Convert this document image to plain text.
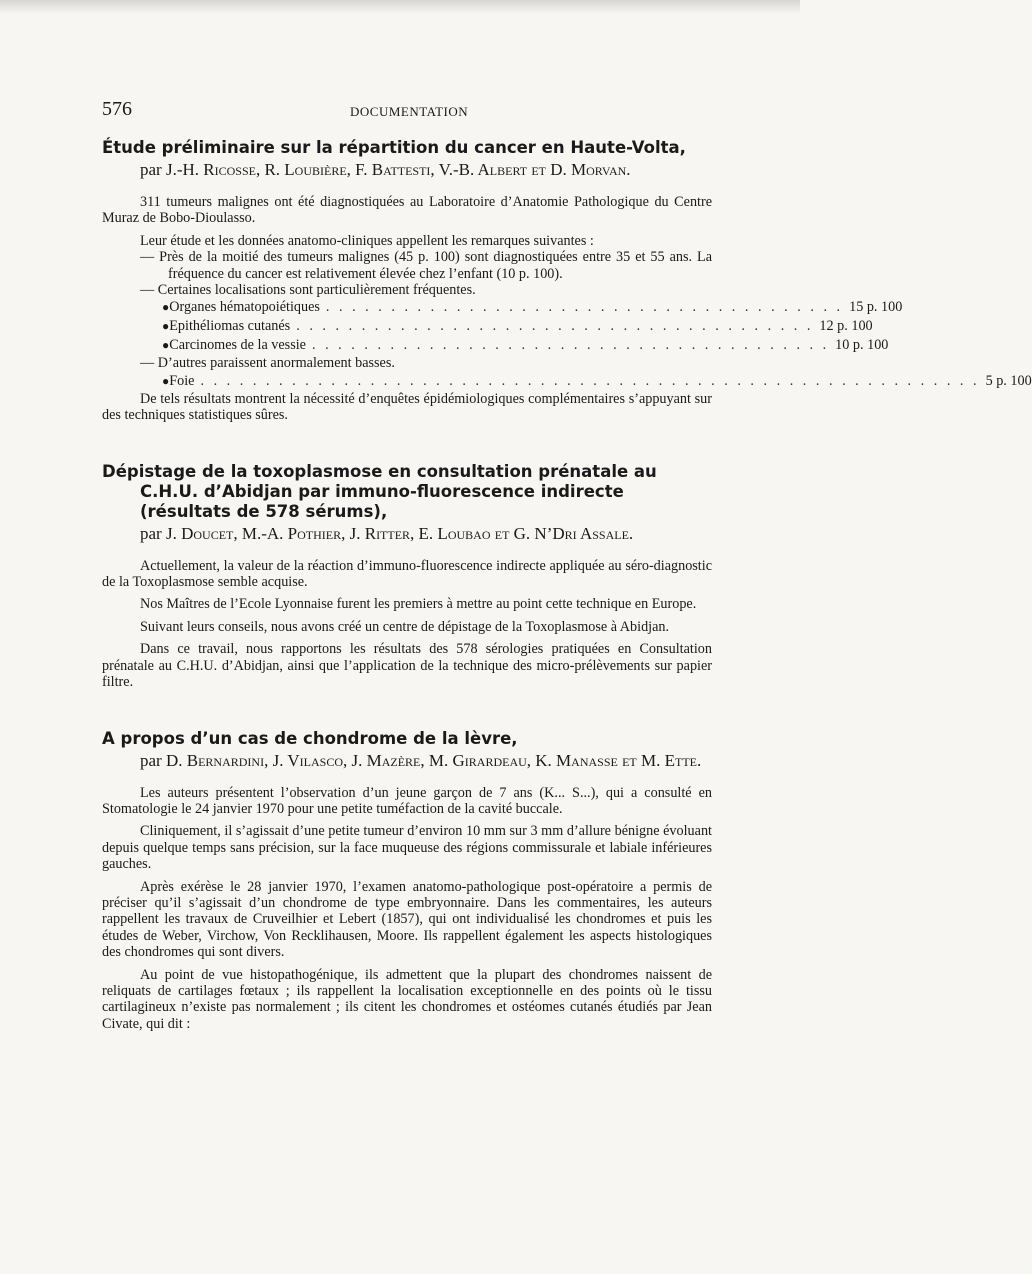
576	DOCUMENTATION
Étude préliminaire sur la répartition du cancer en Haute-Volta,
par J.-H. Ricosse, R. Loubière, F. Battesti, V.-B. Albert et D. Morvan.

311 tumeurs malignes ont été diagnostiquées au Laboratoire d’Anatomie Pathologique du Centre Muraz de Bobo-Dioulasso.

Leur étude et les données anatomo-cliniques appellent les remarques suivantes :

— Près de la moitié des tumeurs malignes (45 p. 100) sont diagnostiquées entre 35 et 55 ans. La fréquence du cancer est relativement élevée chez l’enfant (10 p. 100).

— Certaines localisations sont particulièrement fréquentes.

● Organes hématopoiétiques . . . . . . . . . . . . . . . . . . . . . . . . . . . . . . . . . . . . . . . . 15 p. 100
● Epithéliomas cutanés . . . . . . . . . . . . . . . . . . . . . . . . . . . . . . . . . . . . . . . . 12 p. 100
● Carcinomes de la vessie . . . . . . . . . . . . . . . . . . . . . . . . . . . . . . . . . . . . . . . . 10 p. 100

— D’autres paraissent anormalement basses.

● Foie . . . . . . . . . . . . . . . . . . . . . . . . . . . . . . . . . . . . . . . . . . . . . . . . . . . . . . . . . . . . 5 p. 100

De tels résultats montrent la nécessité d’enquêtes épidémiologiques complémentaires s’appuyant sur des techniques statistiques sûres.

Dépistage de la toxoplasmose en consultation prénatale au C.H.U. d’Abidjan par immuno-fluorescence indirecte (résultats de 578 sérums),
par J. Doucet, M.-A. Pothier, J. Ritter, E. Loubao et G. N’Dri Assale.

Actuellement, la valeur de la réaction d’immuno-fluorescence indirecte appliquée au séro-diagnostic de la Toxoplasmose semble acquise.

Nos Maîtres de l’Ecole Lyonnaise furent les premiers à mettre au point cette technique en Europe.

Suivant leurs conseils, nous avons créé un centre de dépistage de la Toxoplasmose à Abidjan.

Dans ce travail, nous rapportons les résultats des 578 sérologies pratiquées en Consultation prénatale au C.H.U. d’Abidjan, ainsi que l’application de la technique des micro-prélèvements sur papier filtre.

A propos d’un cas de chondrome de la lèvre,
par D. Bernardini, J. Vilasco, J. Mazère, M. Girardeau, K. Manasse et M. Ette.

Les auteurs présentent l’observation d’un jeune garçon de 7 ans (K... S...), qui a consulté en Stomatologie le 24 janvier 1970 pour une petite tuméfaction de la cavité buccale.

Cliniquement, il s’agissait d’une petite tumeur d’environ 10 mm sur 3 mm d’allure bénigne évoluant depuis quelque temps sans précision, sur la face muqueuse des régions commissurale et labiale inférieures gauches.

Après exérèse le 28 janvier 1970, l’examen anatomo-pathologique post-opératoire a permis de préciser qu’il s’agissait d’un chondrome de type embryonnaire. Dans les commentaires, les auteurs rappellent les travaux de Cruveilhier et Lebert (1857), qui ont individualisé les chondromes et puis les études de Weber, Virchow, Von Recklihausen, Moore. Ils rappellent également les aspects histologiques des chondromes qui sont divers.

Au point de vue histopathogénique, ils admettent que la plupart des chondromes naissent de reliquats de cartilages fœtaux ; ils rappellent la localisation exceptionnelle en des points où le tissu cartilagineux n’existe pas normalement ; ils citent les chondromes et ostéomes cutanés étudiés par Jean Civate, qui dit :
